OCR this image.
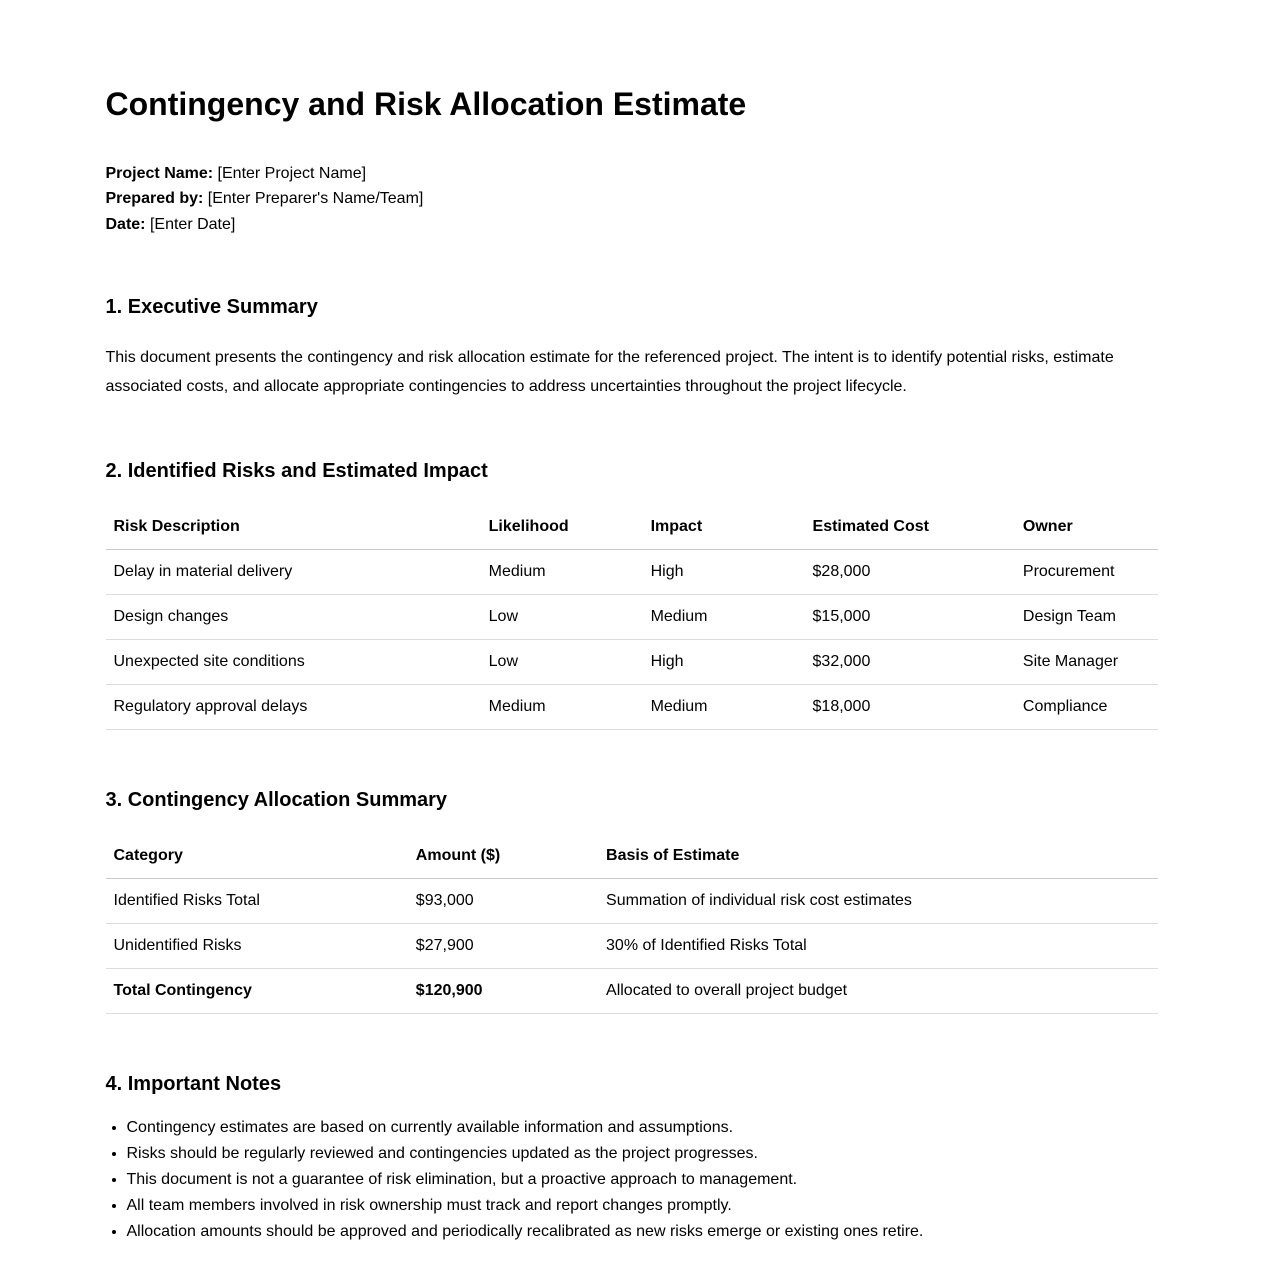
Contingency and Risk Allocation Estimate

Project Name: [Enter Project Name]

Prepared by: [Enter Preparer's Name/Team]

Date: [Enter Date]

1. Executive Summary

This document presents the contingency and risk allocation estimate for the referenced project. The intent is to identify potential risks, estimate associated costs, and allocate appropriate contingencies to address uncertainties throughout the project lifecycle.

2. Identified Risks and Estimated Impact
Risk Description	Likelihood	Impact	Estimated Cost	Owner
Delay in material delivery	Medium	High	$28,000	Procurement
Design changes	Low	Medium	$15,000	Design Team
Unexpected site conditions	Low	High	$32,000	Site Manager
Regulatory approval delays	Medium	Medium	$18,000	Compliance
3. Contingency Allocation Summary
Category	Amount ($)	Basis of Estimate
Identified Risks Total	$93,000	Summation of individual risk cost estimates
Unidentified Risks	$27,900	30% of Identified Risks Total
Total Contingency	$120,900	Allocated to overall project budget
4. Important Notes
• Contingency estimates are based on currently available information and assumptions.
• Risks should be regularly reviewed and contingencies updated as the project progresses.
• This document is not a guarantee of risk elimination, but a proactive approach to management.
• All team members involved in risk ownership must track and report changes promptly.
• Allocation amounts should be approved and periodically recalibrated as new risks emerge or existing ones retire.
